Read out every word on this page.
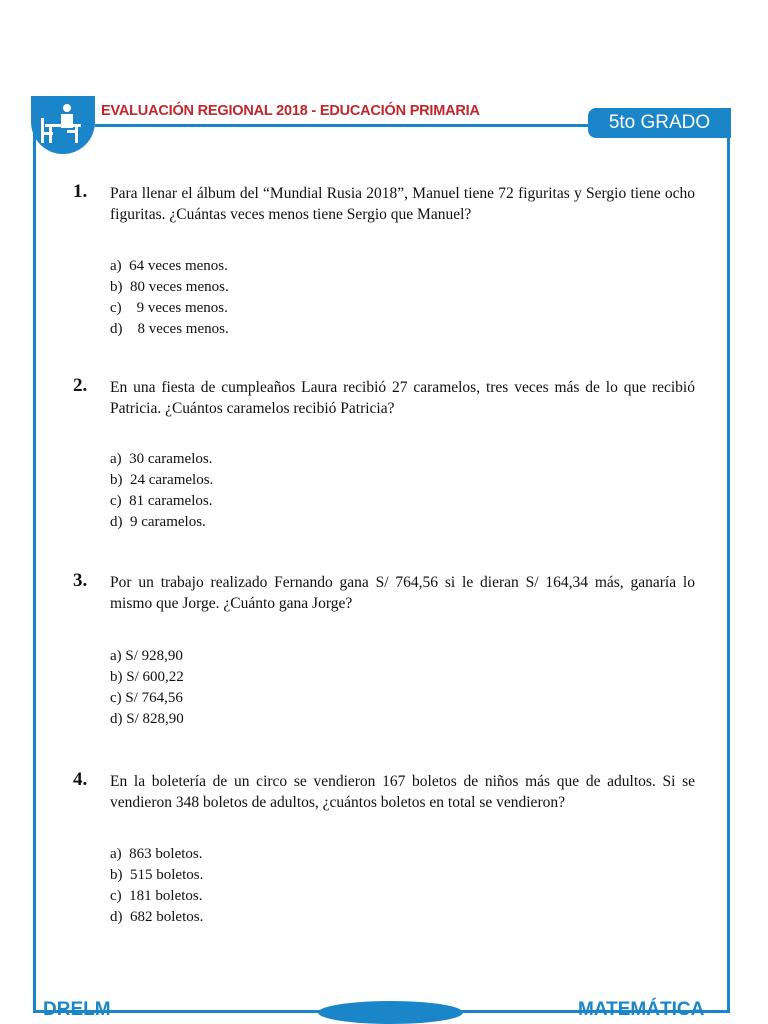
EVALUACIÓN REGIONAL 2018 - EDUCACIÓN PRIMARIA
5to GRADO
1. Para llenar el álbum del “Mundial Rusia 2018”, Manuel tiene 72 figuritas y Sergio tiene ocho figuritas. ¿Cuántas veces menos tiene Sergio que Manuel?
a)  64 veces menos.
b)  80 veces menos.
c)    9 veces menos.
d)    8 veces menos.
2. En una fiesta de cumpleaños Laura recibió 27 caramelos, tres veces más de lo que recibió Patricia. ¿Cuántos caramelos recibió Patricia?
a)  30 caramelos.
b)  24 caramelos.
c)  81 caramelos.
d)  9 caramelos.
3. Por un trabajo realizado Fernando gana S/ 764,56 si le dieran S/ 164,34 más, ganaría lo mismo que Jorge. ¿Cuánto gana Jorge?
a) S/ 928,90
b) S/ 600,22
c) S/ 764,56
d) S/ 828,90
4. En la boletería de un circo se vendieron 167 boletos de niños más que de adultos. Si se vendieron 348 boletos de adultos, ¿cuántos boletos en total se vendieron?
a)  863 boletos.
b)  515 boletos.
c)  181 boletos.
d)  682 boletos.
DRELM	MATEMÁTICA
